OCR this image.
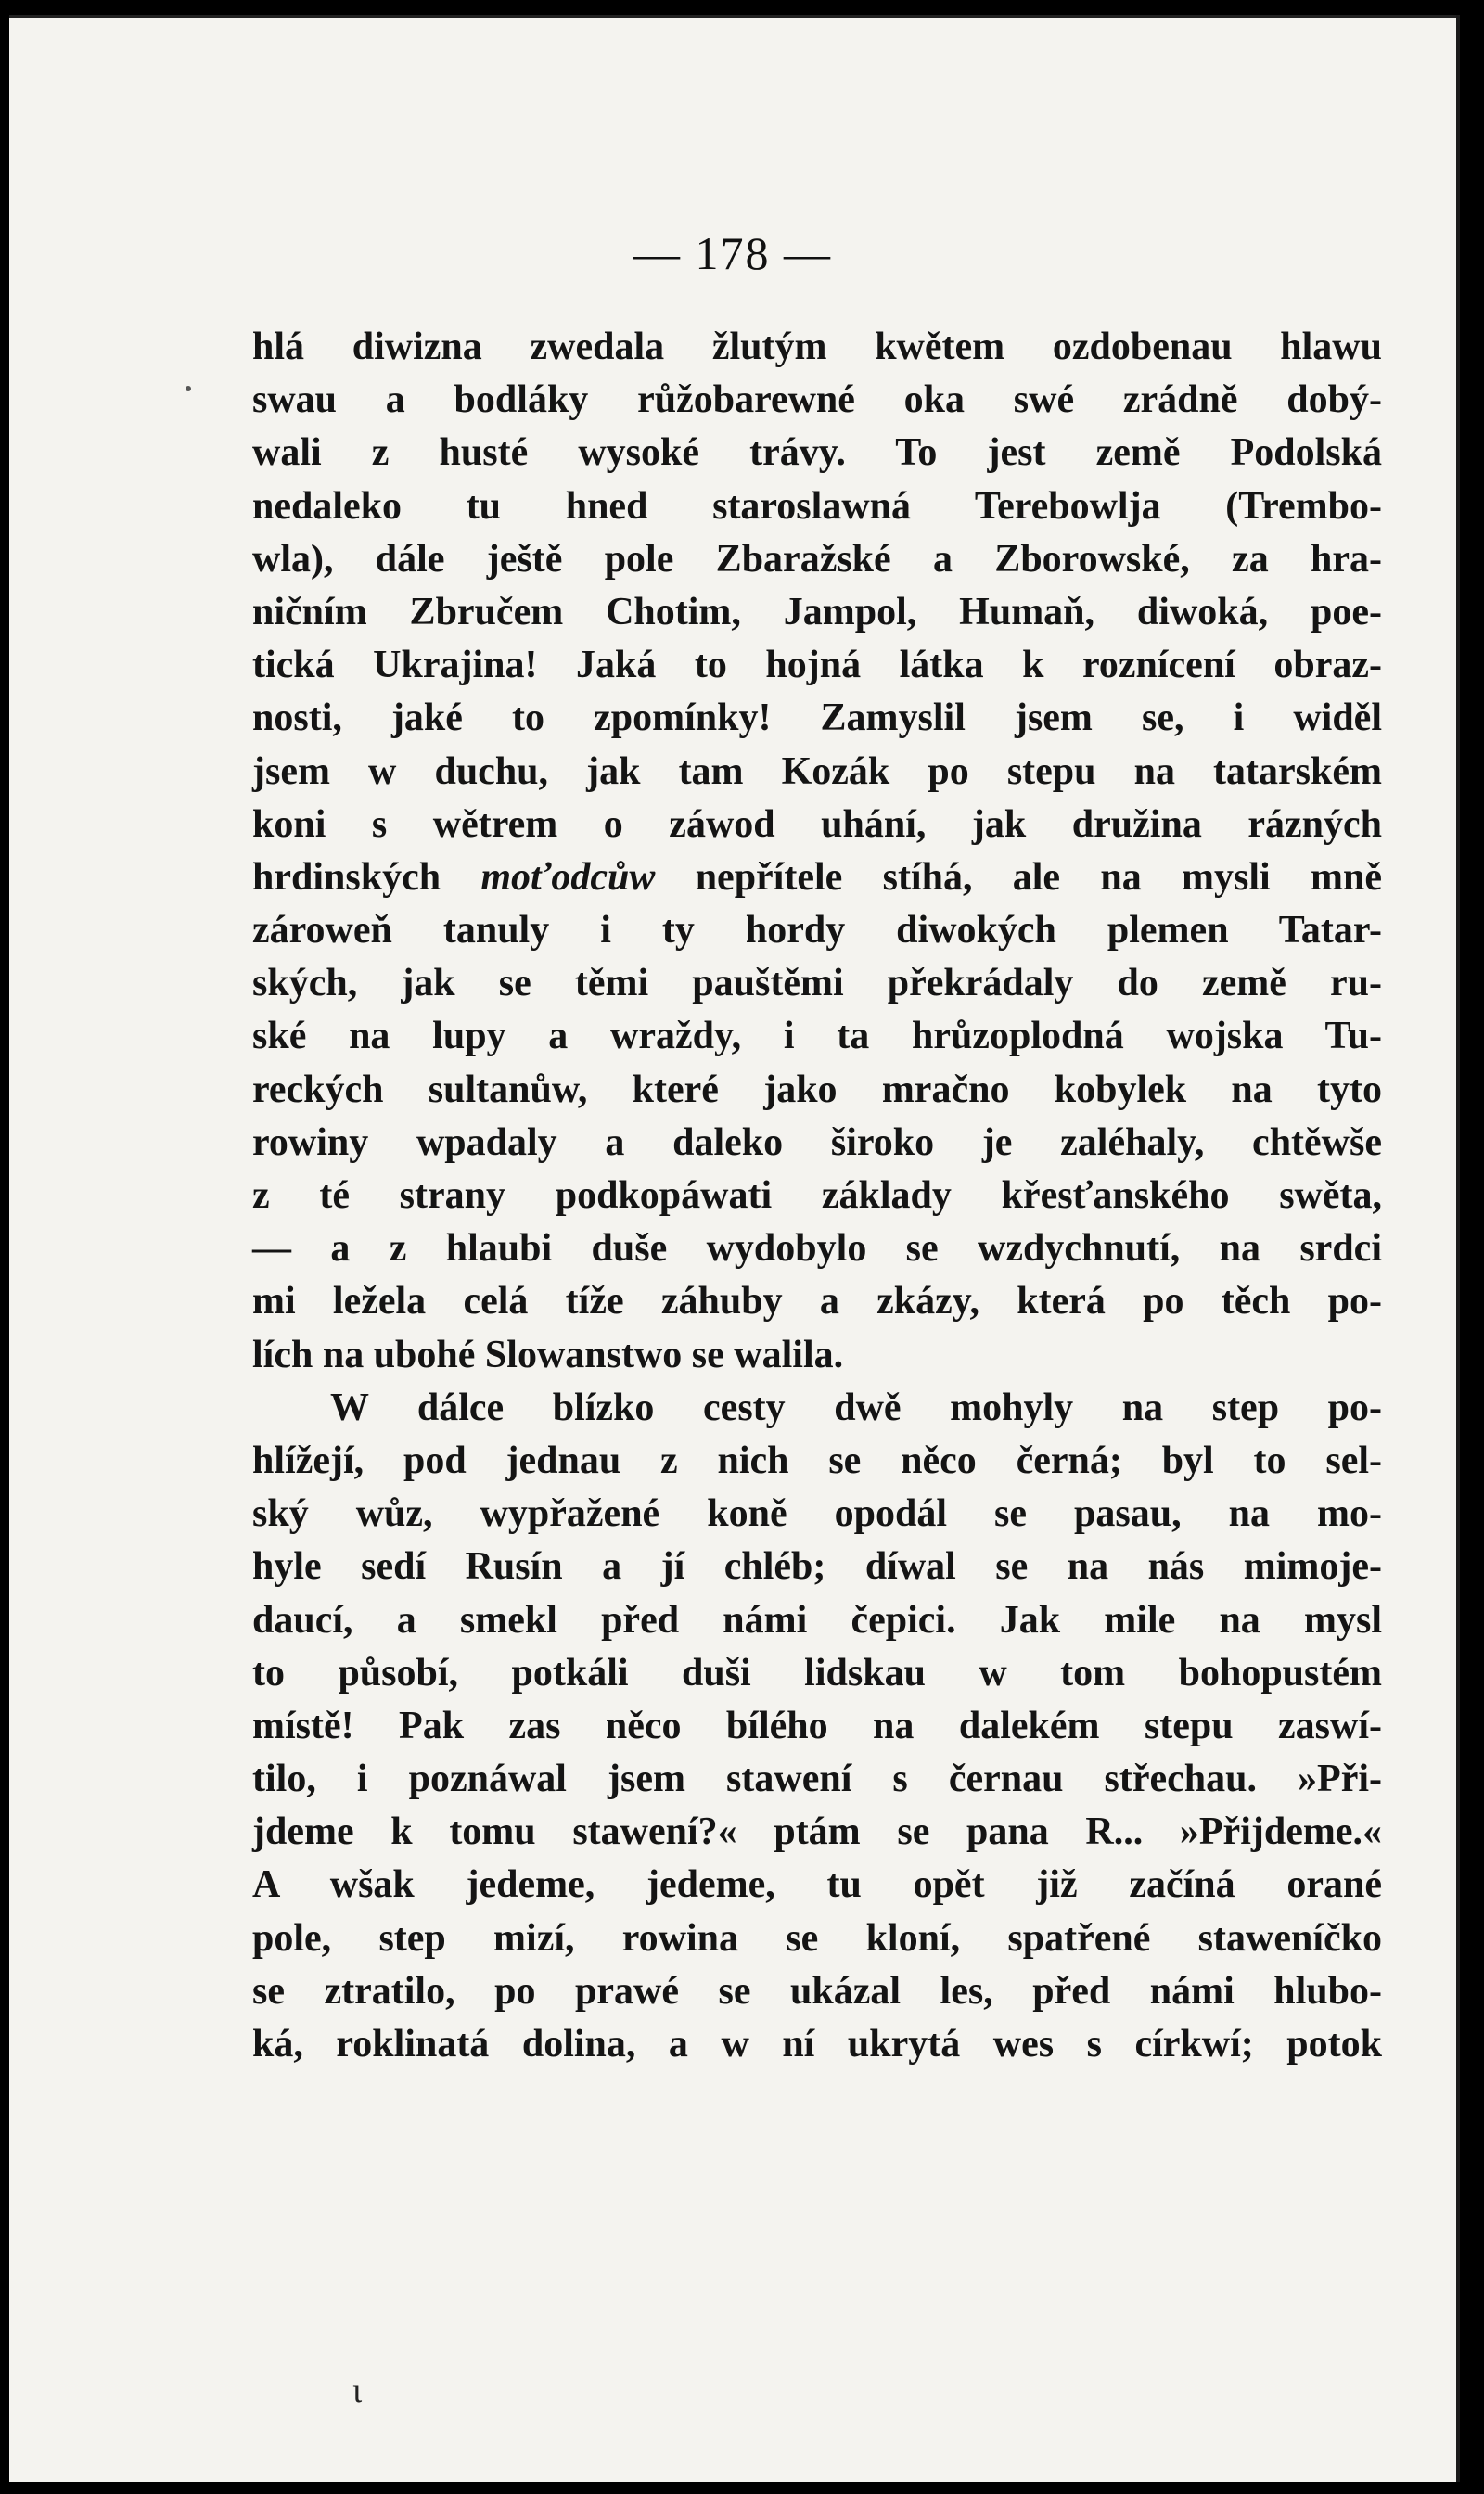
— 178 —
hlá diwizna zwedala žlutým kwětem ozdobenau hlawu
swau a bodláky růžobarewné oka swé zrádně dobý-
wali z husté wysoké trávy. To jest země Podolská
nedaleko tu hned staroslawná Terebowlja (Trembo-
wla), dále ještě pole Zbaražské a Zborowské, za hra-
ničním Zbručem Chotim, Jampol, Humaň, diwoká, poe-
tická Ukrajina! Jaká to hojná látka k roznícení obraz-
nosti, jaké to zpomínky! Zamyslil jsem se, i widěl
jsem w duchu, jak tam Kozák po stepu na tatarském
koni s wětrem o záwod uhání, jak družina rázných
hrdinských moťodcůw nepřítele stíhá, ale na mysli mně
zároweň tanuly i ty hordy diwokých plemen Tatar-
ských, jak se těmi pauštěmi překrádaly do země ru-
ské na lupy a wraždy, i ta hrůzoplodná wojska Tu-
reckých sultanůw, které jako mračno kobylek na tyto
rowiny wpadaly a daleko široko je zaléhaly, chtěwše
z té strany podkopáwati základy křesťanského swěta,
— a z hlaubi duše wydobylo se wzdychnutí, na srdci
mi ležela celá tíže záhuby a zkázy, která po těch po-
lích na ubohé Slowanstwo se walila.
W dálce blízko cesty dwě mohyly na step po-
hlížejí, pod jednau z nich se něco černá; byl to sel-
ský wůz, wypřažené koně opodál se pasau, na mo-
hyle sedí Rusín a jí chléb; díwal se na nás mimoje-
daucí, a smekl před námi čepici. Jak mile na mysl
to působí, potkáli duši lidskau w tom bohopustém
místě! Pak zas něco bílého na dalekém stepu zaswí-
tilo, i poznáwal jsem stawení s černau střechau. »Při-
jdeme k tomu stawení?« ptám se pana R... »Přijdeme.«
A wšak jedeme, jedeme, tu opět již začíná orané
pole, step mizí, rowina se kloní, spatřené staweníčko
se ztratilo, po prawé se ukázal les, před námi hlubo-
ká, roklinatá dolina, a w ní ukrytá wes s církwí; potok
ι
